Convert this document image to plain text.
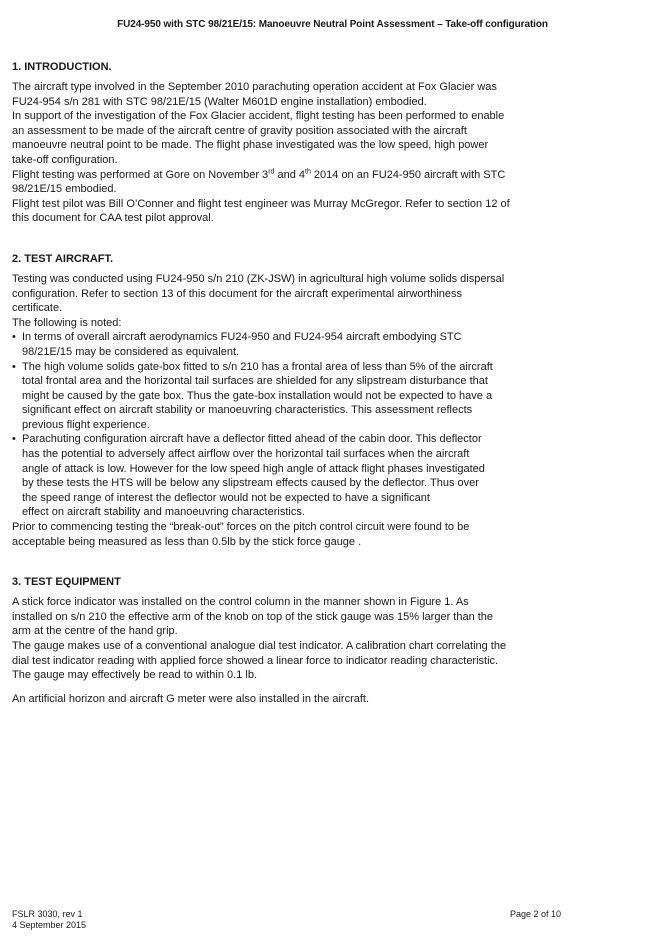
FU24-950 with STC 98/21E/15: Manoeuvre Neutral Point Assessment – Take-off configuration
1. INTRODUCTION.

The aircraft type involved in the September 2010 parachuting operation accident at Fox Glacier was

FU24-954 s/n 281 with STC 98/21E/15 (Walter M601D engine installation) embodied.

In support of the investigation of the Fox Glacier accident, flight testing has been performed to enable

an assessment to be made of the aircraft centre of gravity position associated with the aircraft

manoeuvre neutral point to be made. The flight phase investigated was the low speed, high power

take-off configuration.

Flight testing was performed at Gore on November 3rd and 4th 2014 on an FU24-950 aircraft with STC

98/21E/15 embodied.

Flight test pilot was Bill O’Conner and flight test engineer was Murray McGregor. Refer to section 12 of

this document for CAA test pilot approval.

2. TEST AIRCRAFT.

Testing was conducted using FU24-950 s/n 210 (ZK-JSW) in agricultural high volume solids dispersal

configuration. Refer to section 13 of this document for the aircraft experimental airworthiness

certificate.

The following is noted:

• In terms of overall aircraft aerodynamics FU24-950 and FU24-954 aircraft embodying STC

98/21E/15 may be considered as equivalent.

• The high volume solids gate-box fitted to s/n 210 has a frontal area of less than 5% of the aircraft

total frontal area and the horizontal tail surfaces are shielded for any slipstream disturbance that

might be caused by the gate box. Thus the gate-box installation would not be expected to have a

significant effect on aircraft stability or manoeuvring characteristics. This assessment reflects

previous flight experience.

• Parachuting configuration aircraft have a deflector fitted ahead of the cabin door. This deflector

has the potential to adversely affect airflow over the horizontal tail surfaces when the aircraft

angle of attack is low. However for the low speed high angle of attack flight phases investigated

by these tests the HTS will be below any slipstream effects caused by the deflector. Thus over

the speed range of interest the deflector would not be expected to have a significant

effect on aircraft stability and manoeuvring characteristics.

Prior to commencing testing the “break-out” forces on the pitch control circuit were found to be

acceptable being measured as less than 0.5lb by the stick force gauge .

3. TEST EQUIPMENT

A stick force indicator was installed on the control column in the manner shown in Figure 1. As

installed on s/n 210 the effective arm of the knob on top of the stick gauge was 15% larger than the

arm at the centre of the hand grip.

The gauge makes use of a conventional analogue dial test indicator. A calibration chart correlating the

dial test indicator reading with applied force showed a linear force to indicator reading characteristic.

The gauge may effectively be read to within 0.1 lb.

An artificial horizon and aircraft G meter were also installed in the aircraft.

FSLR 3030, rev 1
4 September 2015
Page 2 of 10
